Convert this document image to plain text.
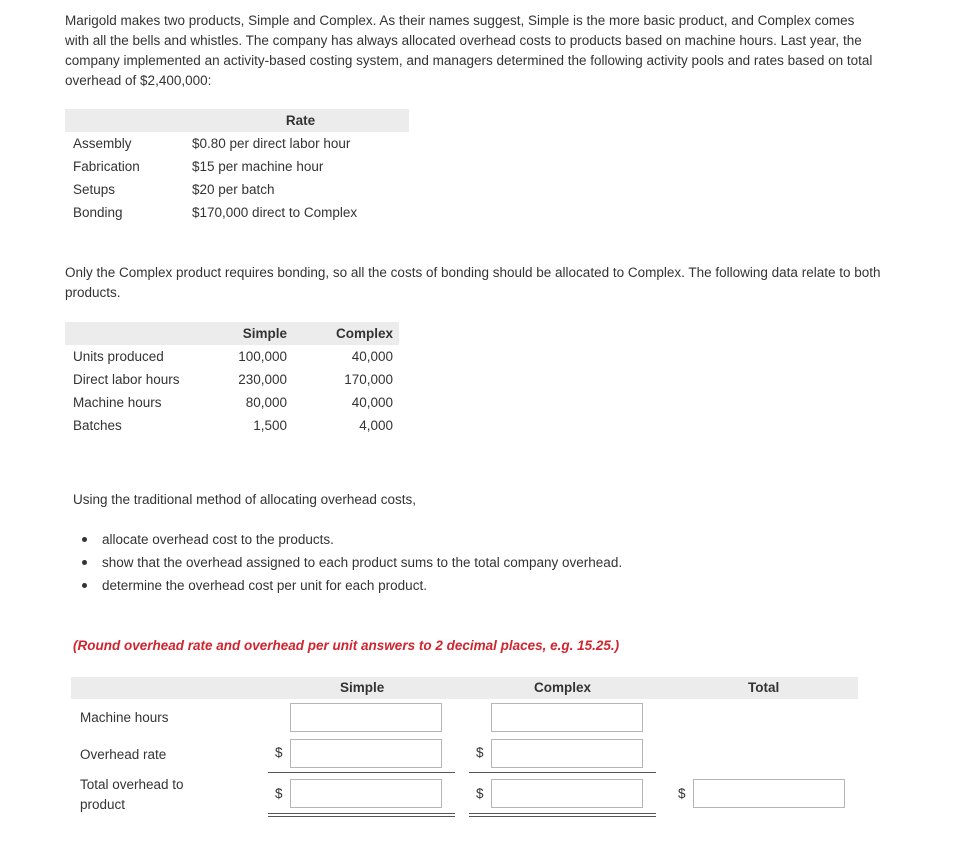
Marigold makes two products, Simple and Complex. As their names suggest, Simple is the more basic product, and Complex comes with all the bells and whistles. The company has always allocated overhead costs to products based on machine hours. Last year, the company implemented an activity-based costing system, and managers determined the following activity pools and rates based on total overhead of $2,400,000:

	Rate
Assembly	$0.80 per direct labor hour
Fabrication	$15 per machine hour
Setups	$20 per batch
Bonding	$170,000 direct to Complex

Only the Complex product requires bonding, so all the costs of bonding should be allocated to Complex. The following data relate to both products.

	Simple	Complex
Units produced	100,000	40,000
Direct labor hours	230,000	170,000
Machine hours	80,000	40,000
Batches	1,500	4,000

Using the traditional method of allocating overhead costs,

allocate overhead cost to the products.
show that the overhead assigned to each product sums to the total company overhead.
determine the overhead cost per unit for each product.

(Round overhead rate and overhead per unit answers to 2 decimal places, e.g. 15.25.)

Simple	Complex	Total
Machine hours
Overhead rate	$	$
Total overhead to
product
$	$	$
